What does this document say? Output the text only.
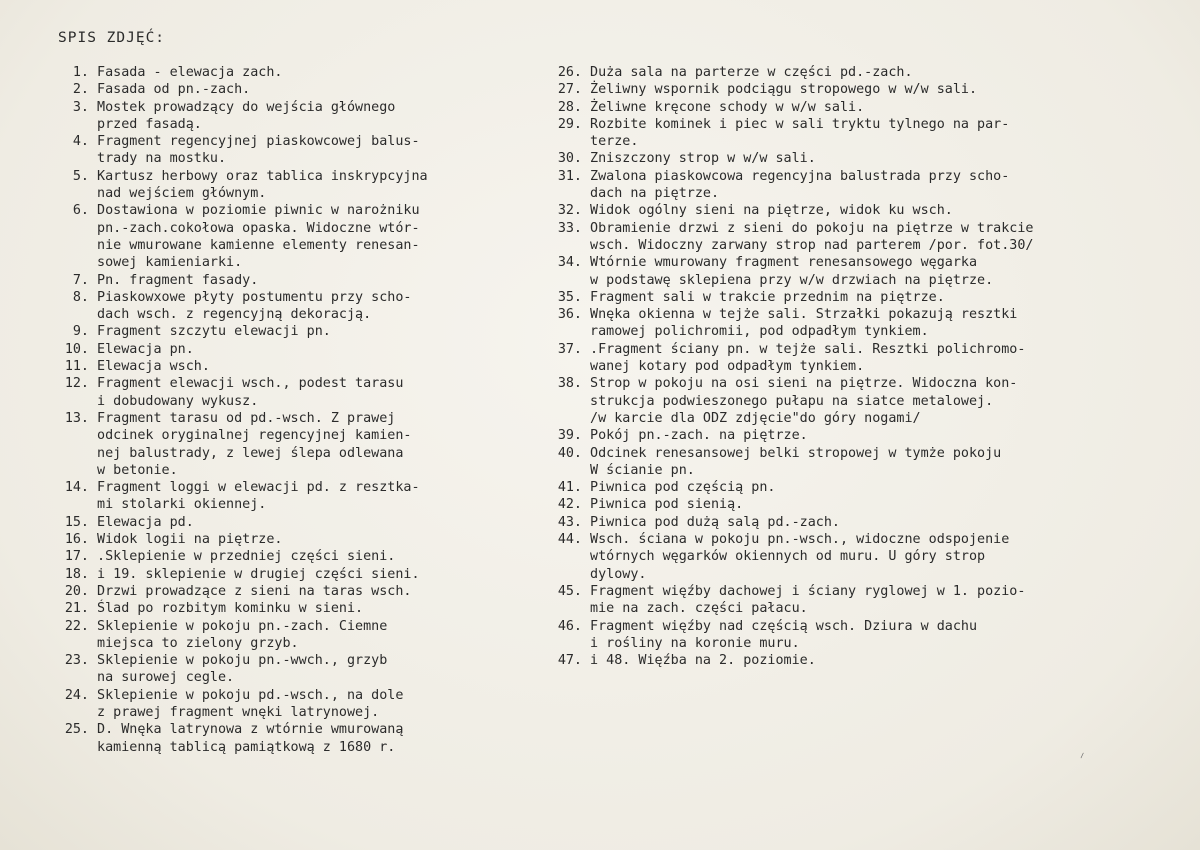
SPIS ZDJĘĆ:
1. Fasada - elewacja zach.
2. Fasada od pn.-zach.
3. Mostek prowadzący do wejścia głównego
przed fasadą.
4. Fragment regencyjnej piaskowcowej balus-
trady na mostku.
5. Kartusz herbowy oraz tablica inskrypcyjna
nad wejściem głównym.
6. Dostawiona w poziomie piwnic w narożniku
pn.-zach.cokołowa opaska. Widoczne wtór-
nie wmurowane kamienne elementy renesan-
sowej kamieniarki.
7. Pn. fragment fasady.
8. Piaskowxowe płyty postumentu przy scho-
dach wsch. z regencyjną dekoracją.
9. Fragment szczytu elewacji pn.
10. Elewacja pn.
11. Elewacja wsch.
12. Fragment elewacji wsch., podest tarasu
i dobudowany wykusz.
13. Fragment tarasu od pd.-wsch. Z prawej
odcinek oryginalnej regencyjnej kamien-
nej balustrady, z lewej ślepa odlewana
w betonie.
14. Fragment loggi w elewacji pd. z resztka-
mi stolarki okiennej.
15. Elewacja pd.
16. Widok logii na piętrze.
17. .Sklepienie w przedniej części sieni.
18. i 19. sklepienie w drugiej części sieni.
20. Drzwi prowadzące z sieni na taras wsch.
21. Ślad po rozbitym kominku w sieni.
22. Sklepienie w pokoju pn.-zach. Ciemne
miejsca to zielony grzyb.
23. Sklepienie w pokoju pn.-wwch., grzyb
na surowej cegle.
24. Sklepienie w pokoju pd.-wsch., na dole
z prawej fragment wnęki latrynowej.
25. D. Wnęka latrynowa z wtórnie wmurowaną
kamienną tablicą pamiątkową z 1680 r.
26. Duża sala na parterze w części pd.-zach.
27. Żeliwny wspornik podciągu stropowego w w/w sali.
28. Żeliwne kręcone schody w w/w sali.
29. Rozbite kominek i piec w sali tryktu tylnego na par-
terze.
30. Zniszczony strop w w/w sali.
31. Zwalona piaskowcowa regencyjna balustrada przy scho-
dach na piętrze.
32. Widok ogólny sieni na piętrze, widok ku wsch.
33. Obramienie drzwi z sieni do pokoju na piętrze w trakcie
wsch. Widoczny zarwany strop nad parterem /por. fot.30/
34. Wtórnie wmurowany fragment renesansowego węgarka
w podstawę sklepiena przy w/w drzwiach na piętrze.
35. Fragment sali w trakcie przednim na piętrze.
36. Wnęka okienna w tejże sali. Strzałki pokazują resztki
ramowej polichromii, pod odpadłym tynkiem.
37. .Fragment ściany pn. w tejże sali. Resztki polichromo-
wanej kotary pod odpadłym tynkiem.
38. Strop w pokoju na osi sieni na piętrze. Widoczna kon-
strukcja podwieszonego pułapu na siatce metalowej.
/w karcie dla ODZ zdjęcie"do góry nogami/
39. Pokój pn.-zach. na piętrze.
40. Odcinek renesansowej belki stropowej w tymże pokoju
W ścianie pn.
41. Piwnica pod częścią pn.
42. Piwnica pod sienią.
43. Piwnica pod dużą salą pd.-zach.
44. Wsch. ściana w pokoju pn.-wsch., widoczne odspojenie
wtórnych węgarków okiennych od muru. U góry strop
dylowy.
45. Fragment więźby dachowej i ściany ryglowej w 1. pozio-
mie na zach. części pałacu.
46. Fragment więźby nad częścią wsch. Dziura w dachu
i rośliny na koronie muru.
47. i 48. Więźba na 2. poziomie.
⸝
